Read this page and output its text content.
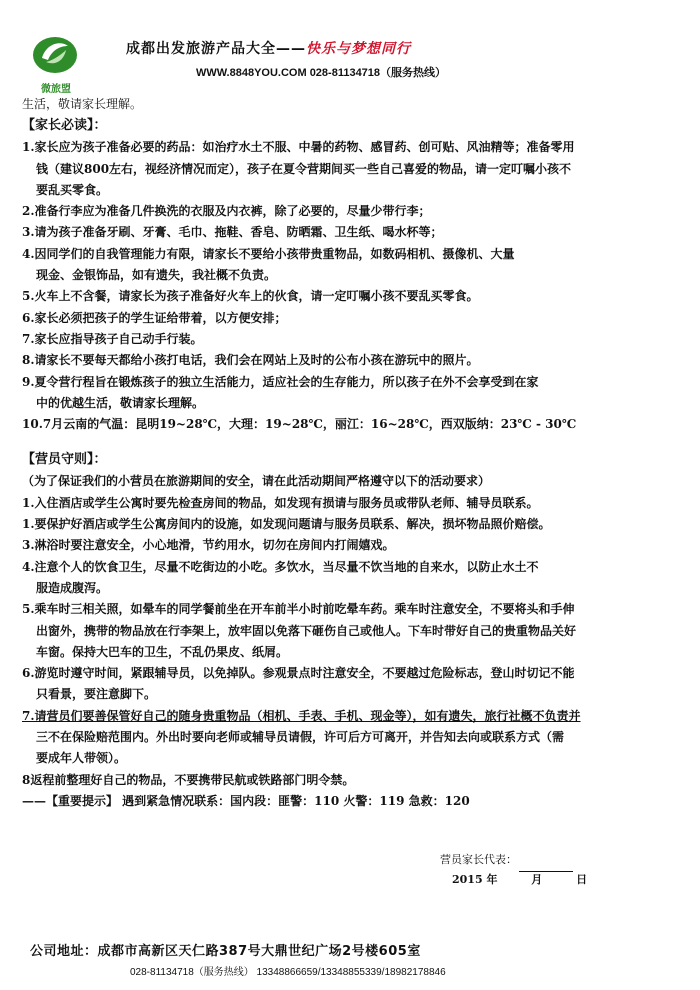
微旅盟
成都出发旅游产品大全——快乐与梦想同行
WWW.8848YOU.COM 028-81134718（服务热线）
生活，敬请家长理解。
【家长必读】：
1.家长应为孩子准备必要的药品：如治疗水土不服、中暑的药物、感冒药、创可贴、风油精等；准备零用
钱（建议800左右，视经济情况而定），孩子在夏令营期间买一些自己喜爱的物品，请一定叮嘱小孩不
要乱买零食。
2.准备行李应为准备几件换洗的衣服及内衣裤，除了必要的，尽量少带行李；
3.请为孩子准备牙刷、牙膏、毛巾、拖鞋、香皂、防晒霜、卫生纸、喝水杯等；
4.因同学们的自我管理能力有限，请家长不要给小孩带贵重物品，如数码相机、摄像机、大量
现金、金银饰品，如有遗失，我社概不负责。
5.火车上不含餐，请家长为孩子准备好火车上的伙食，请一定叮嘱小孩不要乱买零食。
6.家长必须把孩子的学生证给带着，以方便安排；
7.家长应指导孩子自己动手行装。
8.请家长不要每天都给小孩打电话，我们会在网站上及时的公布小孩在游玩中的照片。
9.夏令营行程旨在锻炼孩子的独立生活能力，适应社会的生存能力，所以孩子在外不会享受到在家
中的优越生活，敬请家长理解。
10.7月云南的气温：昆明19~28℃，大理：19~28℃，丽江：16~28℃，西双版纳：23℃ - 30℃
【营员守则】：
（为了保证我们的小营员在旅游期间的安全，请在此活动期间严格遵守以下的活动要求）
1.入住酒店或学生公寓时要先检查房间的物品，如发现有损请与服务员或带队老师、辅导员联系。
1.要保护好酒店或学生公寓房间内的设施，如发现问题请与服务员联系、解决，损坏物品照价赔偿。
3.淋浴时要注意安全，小心地滑，节约用水，切勿在房间内打闹嬉戏。
4.注意个人的饮食卫生，尽量不吃街边的小吃。多饮水，当尽量不饮当地的自来水，以防止水土不
服造成腹泻。
5.乘车时三相关照，如晕车的同学餐前坐在开车前半小时前吃晕车药。乘车时注意安全，不要将头和手伸
出窗外，携带的物品放在行李架上，放牢固以免落下砸伤自己或他人。下车时带好自己的贵重物品关好
车窗。保持大巴车的卫生，不乱仍果皮、纸屑。
6.游览时遵守时间，紧跟辅导员，以免掉队。参观景点时注意安全，不要越过危险标志，登山时切记不能
只看景，要注意脚下。
7.请营员们要善保管好自己的随身贵重物品（相机、手表、手机、现金等），如有遗失，旅行社概不负责并
三不在保险赔范围内。外出时要向老师或辅导员请假，许可后方可离开，并告知去向或联系方式（需
要成年人带领）。
8返程前整理好自己的物品，不要携带民航或铁路部门明令禁。
——【重要提示】 遇到紧急情况联系：国内段：匪警：110 火警：119 急救：120
营员家长代表：
2015 年	月	日
公司地址：成都市高新区天仁路387号大鼎世纪广场2号楼605室
028-81134718（服务热线） 13348866659/13348855339/18982178846
